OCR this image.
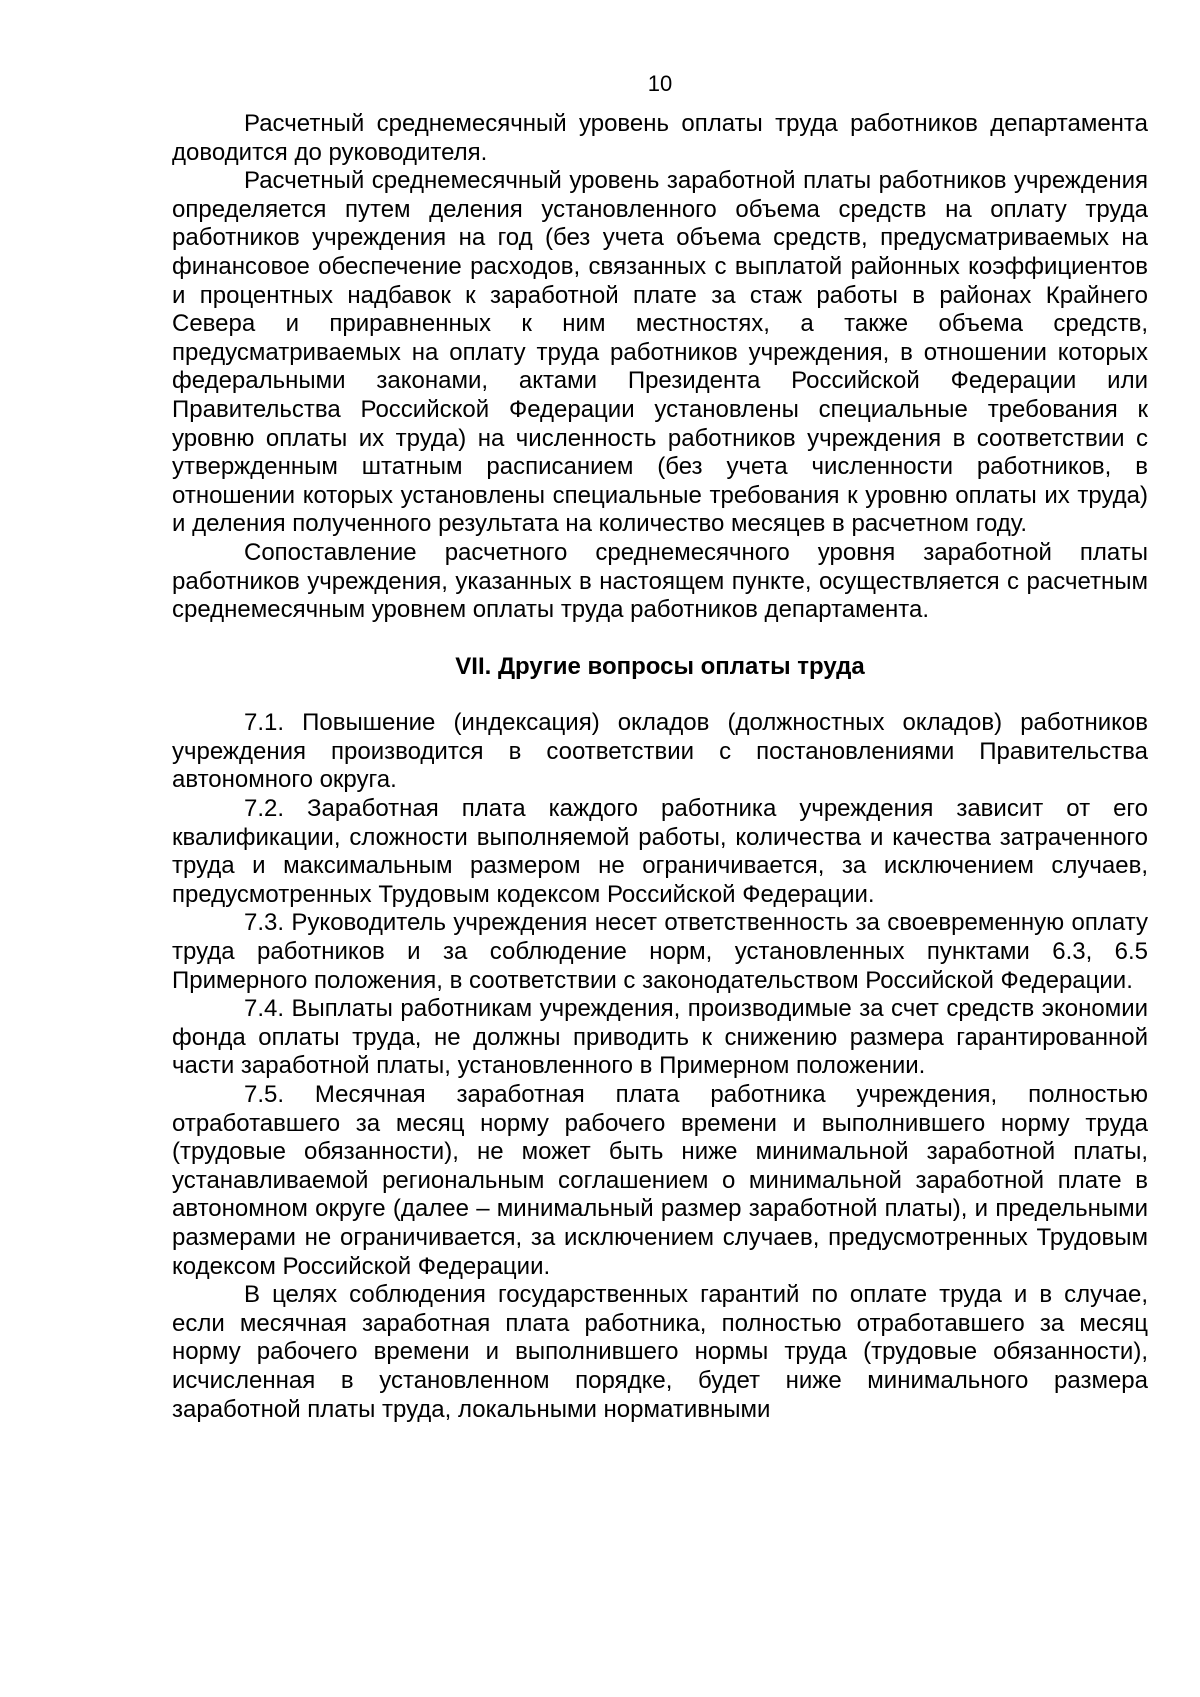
10

Расчетный среднемесячный уровень оплаты труда работников департамента доводится до руководителя.

Расчетный среднемесячный уровень заработной платы работников учреждения определяется путем деления установленного объема средств на оплату труда работников учреждения на год (без учета объема средств, предусматриваемых на финансовое обеспечение расходов, связанных с выплатой районных коэффициентов и процентных надбавок к заработной плате за стаж работы в районах Крайнего Севера и приравненных к ним местностях, а также объема средств, предусматриваемых на оплату труда работников учреждения, в отношении которых федеральными законами, актами Президента Российской Федерации или Правительства Российской Федерации установлены специальные требования к уровню оплаты их труда) на численность работников учреждения в соответствии с утвержденным штатным расписанием (без учета численности работников, в отношении которых установлены специальные требования к уровню оплаты их труда) и деления полученного результата на количество месяцев в расчетном году.

Сопоставление расчетного среднемесячного уровня заработной платы работников учреждения, указанных в настоящем пункте, осуществляется с расчетным среднемесячным уровнем оплаты труда работников департамента.

VII. Другие вопросы оплаты труда

7.1. Повышение (индексация) окладов (должностных окладов) работников учреждения производится в соответствии с постановлениями Правительства автономного округа.

7.2. Заработная плата каждого работника учреждения зависит от его квалификации, сложности выполняемой работы, количества и качества затраченного труда и максимальным размером не ограничивается, за исключением случаев, предусмотренных Трудовым кодексом Российской Федерации.

7.3. Руководитель учреждения несет ответственность за своевременную оплату труда работников и за соблюдение норм, установленных пунктами 6.3, 6.5 Примерного положения, в соответствии с законодательством Российской Федерации.

7.4. Выплаты работникам учреждения, производимые за счет средств экономии фонда оплаты труда, не должны приводить к снижению размера гарантированной части заработной платы, установленного в Примерном положении.

7.5. Месячная заработная плата работника учреждения, полностью отработавшего за месяц норму рабочего времени и выполнившего норму труда (трудовые обязанности), не может быть ниже минимальной заработной платы, устанавливаемой региональным соглашением о минимальной заработной плате в автономном округе (далее – минимальный размер заработной платы), и предельными размерами не ограничивается, за исключением случаев, предусмотренных Трудовым кодексом Российской Федерации.

В целях соблюдения государственных гарантий по оплате труда и в случае, если месячная заработная плата работника, полностью отработавшего за месяц норму рабочего времени и выполнившего нормы труда (трудовые обязанности), исчисленная в установленном порядке, будет ниже минимального размера заработной платы труда, локальными нормативными
